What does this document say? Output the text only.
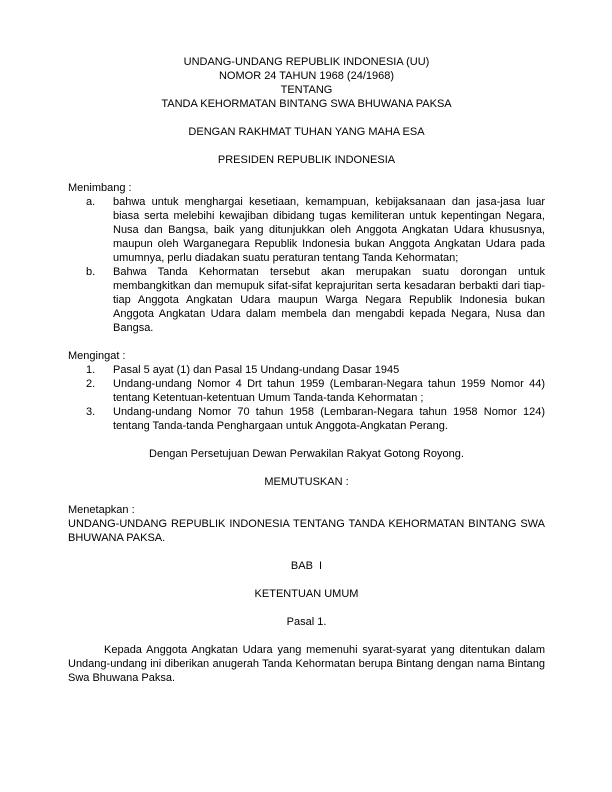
UNDANG-UNDANG REPUBLIK INDONESIA (UU)
NOMOR 24 TAHUN 1968 (24/1968)
TENTANG
TANDA KEHORMATAN BINTANG SWA BHUWANA PAKSA
DENGAN RAKHMAT TUHAN YANG MAHA ESA
PRESIDEN REPUBLIK INDONESIA
Menimbang :
a.	bahwa untuk menghargai kesetiaan, kemampuan, kebijaksanaan dan jasa-jasa luar biasa serta melebihi kewajiban dibidang tugas kemiliteran untuk kepentingan Negara, Nusa dan Bangsa, baik yang ditunjukkan oleh Anggota Angkatan Udara khususnya, maupun oleh Warganegara Republik Indonesia bukan Anggota Angkatan Udara pada umumnya, perlu diadakan suatu peraturan tentang Tanda Kehormatan;
b.	Bahwa Tanda Kehormatan tersebut akan merupakan suatu dorongan untuk membangkitkan dan memupuk sifat-sifat keprajuritan serta kesadaran berbakti dari tiap-tiap Anggota Angkatan Udara maupun Warga Negara Republik Indonesia bukan Anggota Angkatan Udara dalam membela dan mengabdi kepada Negara, Nusa dan Bangsa.
Mengingat :
1.	Pasal 5 ayat (1) dan Pasal 15 Undang-undang Dasar 1945
2.	Undang-undang Nomor 4 Drt tahun 1959 (Lembaran-Negara tahun 1959 Nomor 44) tentang Ketentuan-ketentuan Umum Tanda-tanda Kehormatan ;
3.	Undang-undang Nomor 70 tahun 1958 (Lembaran-Negara tahun 1958 Nomor 124) tentang Tanda-tanda Penghargaan untuk Anggota-Angkatan Perang.
Dengan Persetujuan Dewan Perwakilan Rakyat Gotong Royong.
MEMUTUSKAN :
Menetapkan :
UNDANG-UNDANG REPUBLIK INDONESIA TENTANG TANDA KEHORMATAN BINTANG SWA BHUWANA PAKSA.
BAB  I
KETENTUAN UMUM
Pasal 1.
Kepada Anggota Angkatan Udara yang memenuhi syarat-syarat yang ditentukan dalam Undang-undang ini diberikan anugerah Tanda Kehormatan berupa Bintang dengan nama Bintang Swa Bhuwana Paksa.
